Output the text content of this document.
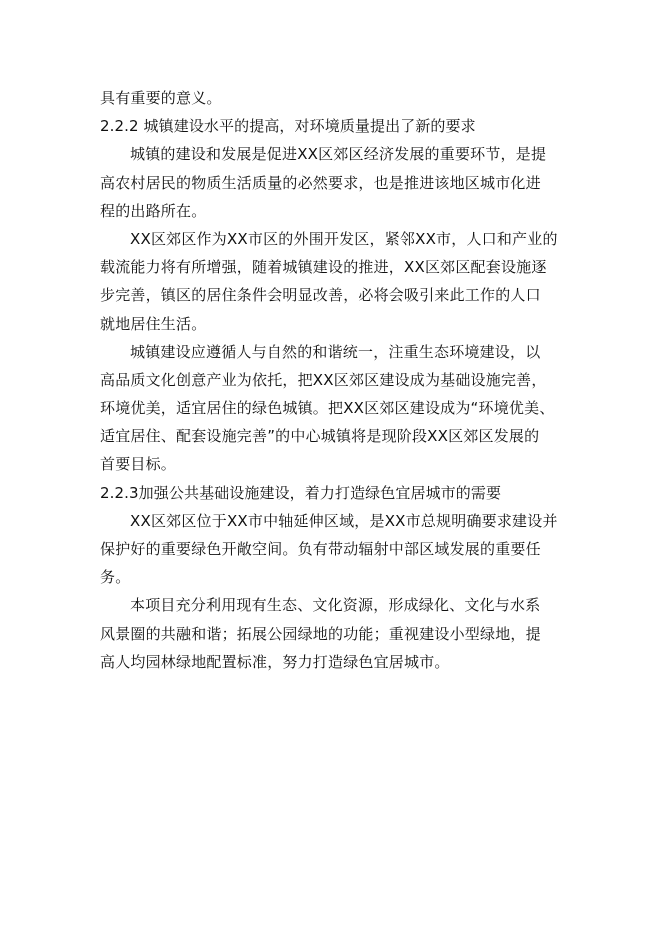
具有重要的意义。
2.2.2 城镇建设水平的提高，对环境质量提出了新的要求
城镇的建设和发展是促进XX区郊区经济发展的重要环节，是提
高农村居民的物质生活质量的必然要求，也是推进该地区城市化进
程的出路所在。
XX区郊区作为XX市区的外围开发区，紧邻XX市，人口和产业的
载流能力将有所增强，随着城镇建设的推进，XX区郊区配套设施逐
步完善，镇区的居住条件会明显改善，必将会吸引来此工作的人口
就地居住生活。
城镇建设应遵循人与自然的和谐统一，注重生态环境建设，以
高品质文化创意产业为依托，把XX区郊区建设成为基础设施完善，
环境优美，适宜居住的绿色城镇。把XX区郊区建设成为“环境优美、
适宜居住、配套设施完善”的中心城镇将是现阶段XX区郊区发展的
首要目标。
2.2.3加强公共基础设施建设，着力打造绿色宜居城市的需要
XX区郊区位于XX市中轴延伸区域，是XX市总规明确要求建设并
保护好的重要绿色开敞空间。负有带动辐射中部区域发展的重要任
务。
本项目充分利用现有生态、文化资源，形成绿化、文化与水系
风景圈的共融和谐；拓展公园绿地的功能；重视建设小型绿地，提
高人均园林绿地配置标准，努力打造绿色宜居城市。
